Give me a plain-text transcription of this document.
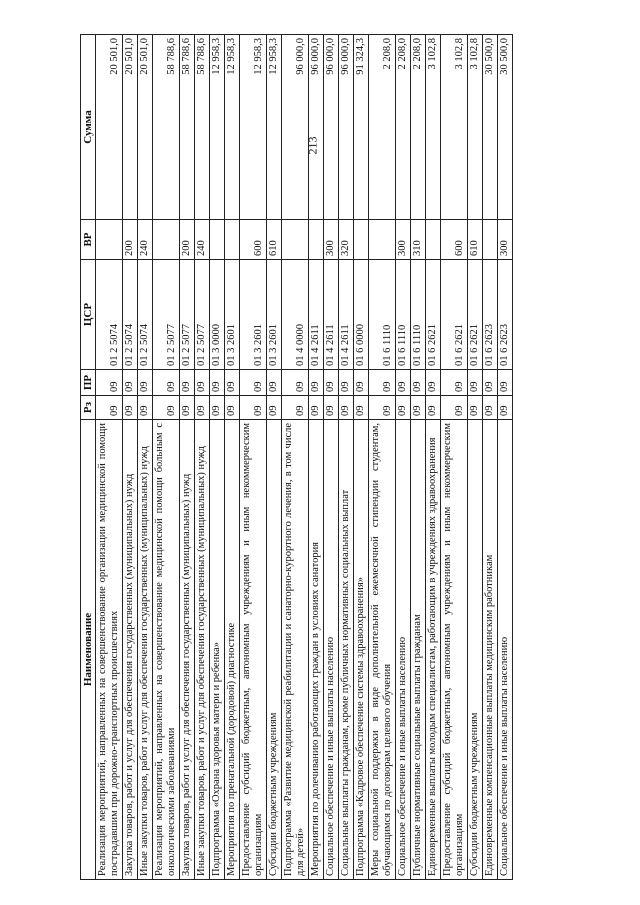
213
Наименование	Рз	ПР	ЦСР	ВР	Сумма
Реализация мероприятий, направленных на совершенствование организации медицинской помощи пострадавшим при дорожно-транспортных происшествиях	09	09	01 2 5074		20 501,0
Закупка товаров, работ и услуг для обеспечения государственных (муниципальных) нужд	09	09	01 2 5074	200	20 501,0
Иные закупки товаров, работ и услуг для обеспечения государственных (муниципальных) нужд	09	09	01 2 5074	240	20 501,0
Реализация мероприятий, направленных на совершенствование медицинской помощи больным с онкологическими заболеваниями	09	09	01 2 5077		58 788,6
Закупка товаров, работ и услуг для обеспечения государственных (муниципальных) нужд	09	09	01 2 5077	200	58 788,6
Иные закупки товаров, работ и услуг для обеспечения государственных (муниципальных) нужд	09	09	01 2 5077	240	58 788,6
Подпрограмма «Охрана здоровья матери и ребенка»	09	09	01 3 0000		12 958,3
Мероприятия по пренатальной (дородовой) диагностике	09	09	01 3 2601		12 958,3
Предоставление субсидий бюджетным, автономным учреждениям и иным некоммерческим организациям	09	09	01 3 2601	600	12 958,3
Субсидии бюджетным учреждениям	09	09	01 3 2601	610	12 958,3
Подпрограмма «Развитие медицинской реабилитации и санаторно-курортного лечения, в том числе для детей»	09	09	01 4 0000		96 000,0
Мероприятия по долечиванию работающих граждан в условиях санатория	09	09	01 4 2611		96 000,0
Социальное обеспечение и иные выплаты населению	09	09	01 4 2611	300	96 000,0
Социальные выплаты гражданам, кроме публичных нормативных социальных выплат	09	09	01 4 2611	320	96 000,0
Подпрограмма «Кадровое обеспечение системы здравоохранения»	09	09	01 6 0000		91 324,3
Меры социальной поддержки в виде дополнительной ежемесячной стипендии студентам, обучающимся по договорам целевого обучения	09	09	01 6 1110		2 208,0
Социальное обеспечение и иные выплаты населению	09	09	01 6 1110	300	2 208,0
Публичные нормативные социальные выплаты гражданам	09	09	01 6 1110	310	2 208,0
Единовременные выплаты молодым специалистам, работающим в учреждениях здравоохранения	09	09	01 6 2621		3 102,8
Предоставление субсидий бюджетным, автономным учреждениям и иным некоммерческим организациям	09	09	01 6 2621	600	3 102,8
Субсидии бюджетным учреждениям	09	09	01 6 2621	610	3 102,8
Единовременные компенсационные выплаты медицинским работникам	09	09	01 6 2623		30 500,0
Социальное обеспечение и иные выплаты населению	09	09	01 6 2623	300	30 500,0
